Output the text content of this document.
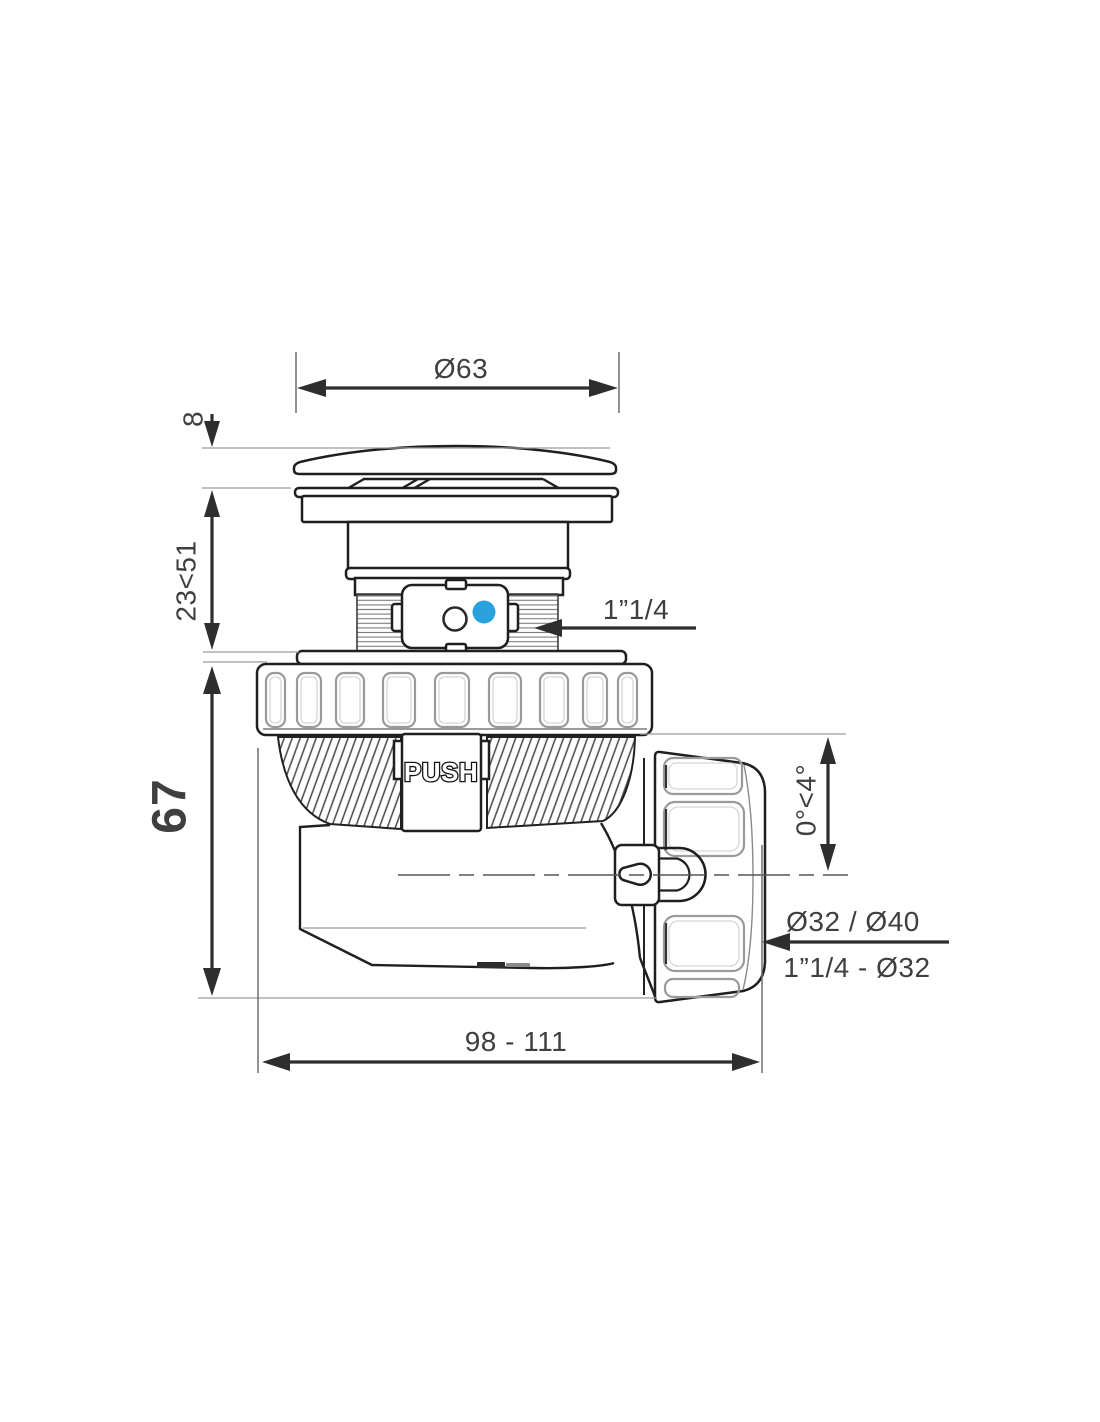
PUSH
Ø63
8
23<51
67
1”1/4
0°<4°
Ø32 / Ø40
1”1/4 - Ø32
98 - 111
